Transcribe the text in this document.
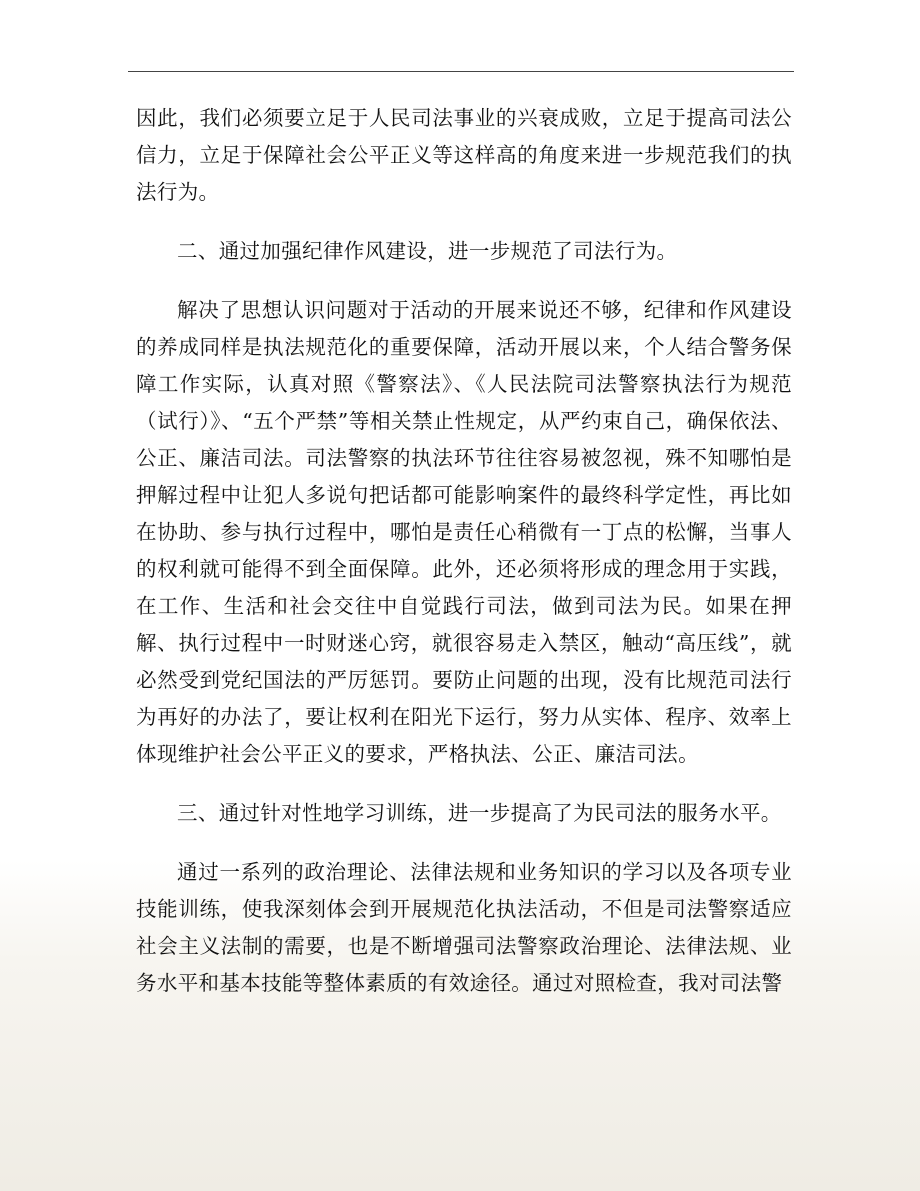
因此，我们必须要立足于人民司法事业的兴衰成败，立足于提高司法公信力，立足于保障社会公平正义等这样高的角度来进一步规范我们的执法行为。

二、通过加强纪律作风建设，进一步规范了司法行为。

解决了思想认识问题对于活动的开展来说还不够，纪律和作风建设的养成同样是执法规范化的重要保障，活动开展以来，个人结合警务保障工作实际，认真对照《警察法》、《人民法院司法警察执法行为规范（试行）》、“五个严禁”等相关禁止性规定，从严约束自己，确保依法、公正、廉洁司法。司法警察的执法环节往往容易被忽视，殊不知哪怕是押解过程中让犯人多说句把话都可能影响案件的最终科学定性，再比如在协助、参与执行过程中，哪怕是责任心稍微有一丁点的松懈，当事人的权利就可能得不到全面保障。此外，还必须将形成的理念用于实践，在工作、生活和社会交往中自觉践行司法，做到司法为民。如果在押解、执行过程中一时财迷心窍，就很容易走入禁区，触动“高压线”，就必然受到党纪国法的严厉惩罚。要防止问题的出现，没有比规范司法行为再好的办法了，要让权利在阳光下运行，努力从实体、程序、效率上体现维护社会公平正义的要求，严格执法、公正、廉洁司法。

三、通过针对性地学习训练，进一步提高了为民司法的服务水平。

通过一系列的政治理论、法律法规和业务知识的学习以及各项专业技能训练，使我深刻体会到开展规范化执法活动，不但是司法警察适应社会主义法制的需要，也是不断增强司法警察政治理论、法律法规、业务水平和基本技能等整体素质的有效途径。通过对照检查，我对司法警
